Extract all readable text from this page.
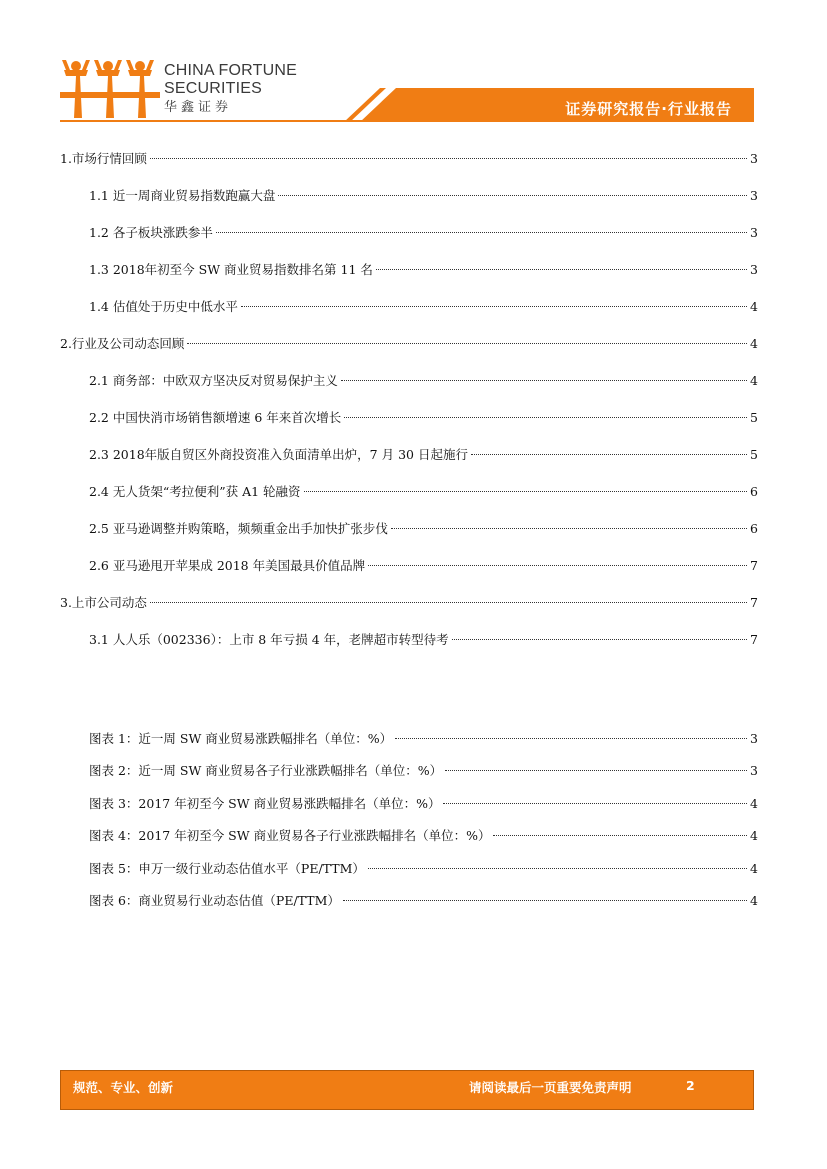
CHINA FORTUNE
SECURITIES
华鑫证券	证券研究报告·行业报告
1.市场行情回顾	3
1.1 近一周商业贸易指数跑赢大盘	3
1.2 各子板块涨跌参半	3
1.3 2018年初至今 SW 商业贸易指数排名第 11 名	3
1.4 估值处于历史中低水平	4
2.行业及公司动态回顾	4
2.1 商务部：中欧双方坚决反对贸易保护主义	4
2.2 中国快消市场销售额增速 6 年来首次增长	5
2.3 2018年版自贸区外商投资准入负面清单出炉，7 月 30 日起施行	5
2.4 无人货架“考拉便利”获 A1 轮融资	6
2.5 亚马逊调整并购策略，频频重金出手加快扩张步伐	6
2.6 亚马逊甩开苹果成 2018 年美国最具价值品牌	7
3.上市公司动态	7
3.1 人人乐（002336）：上市 8 年亏损 4 年，老牌超市转型待考	7
图表 1：近一周 SW 商业贸易涨跌幅排名（单位：%）	3
图表 2：近一周 SW 商业贸易各子行业涨跌幅排名（单位：%）	3
图表 3：2017 年初至今 SW 商业贸易涨跌幅排名（单位：%）	4
图表 4：2017 年初至今 SW 商业贸易各子行业涨跌幅排名（单位：%）	4
图表 5：申万一级行业动态估值水平（PE/TTM）	4
图表 6：商业贸易行业动态估值（PE/TTM）	4
规范、专业、创新	请阅读最后一页重要免责声明	2
